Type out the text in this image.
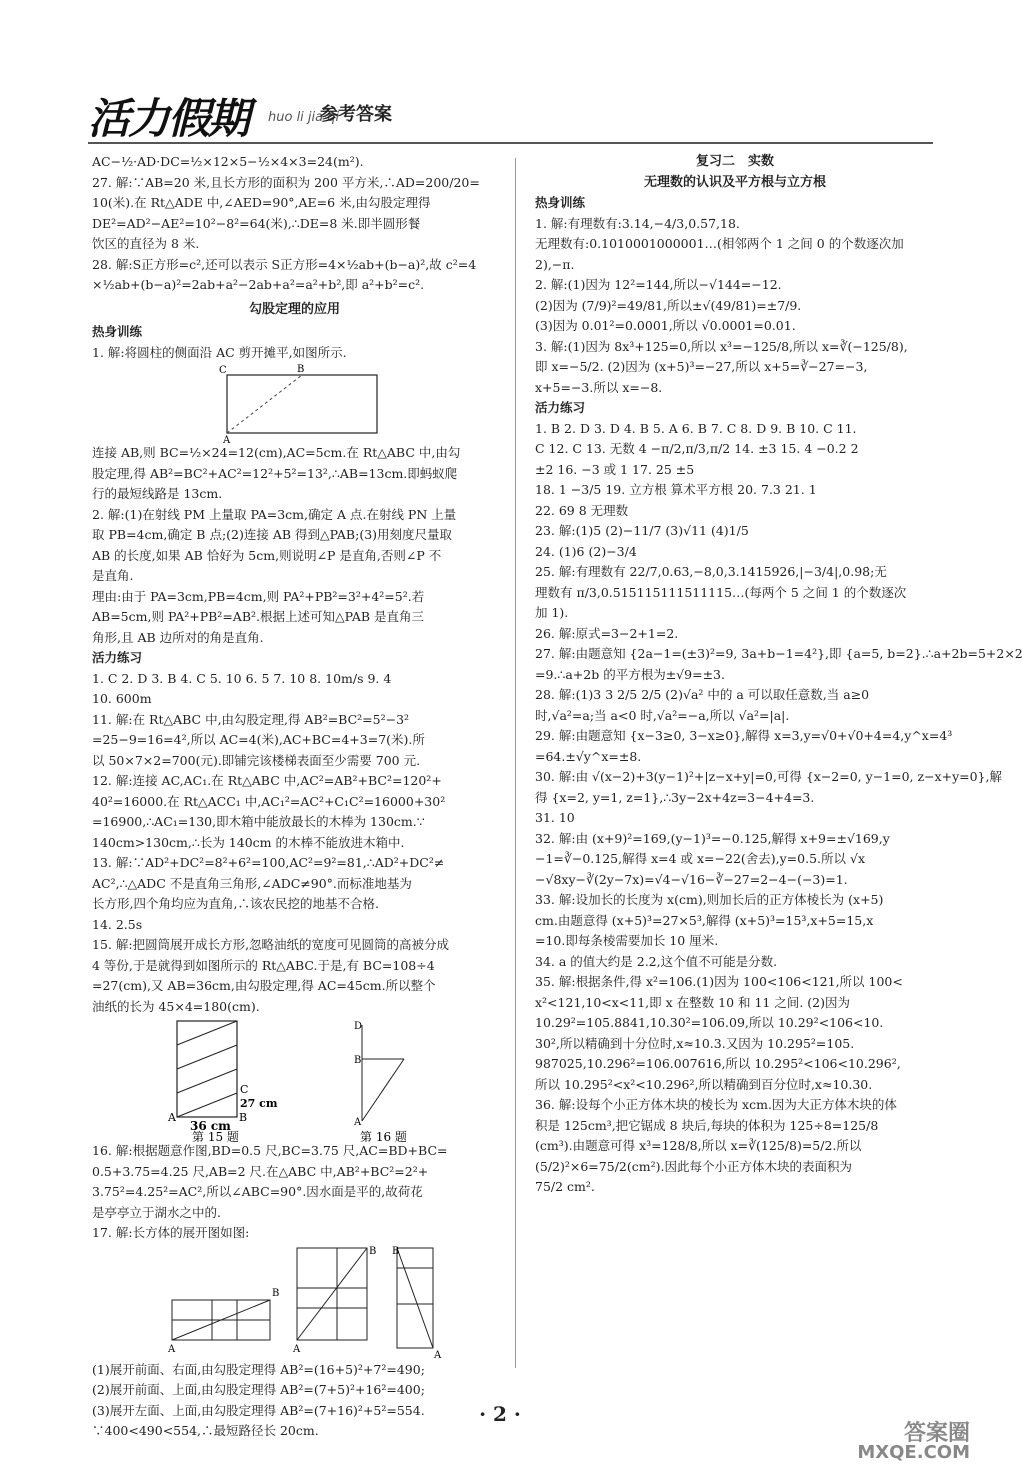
活力假期 huo li jia qi
参考答案
AC−½·AD·DC=½×12×5−½×4×3=24(m²).
27. 解:∵AB=20 米,且长方形的面积为 200 平方米,∴AD=200/20=
10(米).在 Rt△ADE 中,∠AED=90°,AE=6 米,由勾股定理得
DE²=AD²−AE²=10²−8²=64(米),∴DE=8 米.即半圆形餐
饮区的直径为 8 米.
28. 解:S正方形=c²,还可以表示 S正方形=4×½ab+(b−a)²,故 c²=4
×½ab+(b−a)²=2ab+a²−2ab+a²=a²+b²,即 a²+b²=c².
勾股定理的应用
热身训练
1. 解:将圆柱的侧面沿 AC 剪开摊平,如图所示.
C	B
A
连接 AB,则 BC=½×24=12(cm),AC=5cm.在 Rt△ABC 中,由勾
股定理,得 AB²=BC²+AC²=12²+5²=13²,∴AB=13cm.即蚂蚁爬
行的最短线路是 13cm.
2. 解:(1)在射线 PM 上量取 PA=3cm,确定 A 点.在射线 PN 上量
取 PB=4cm,确定 B 点;(2)连接 AB 得到△PAB;(3)用刻度尺量取
AB 的长度,如果 AB 恰好为 5cm,则说明∠P 是直角,否则∠P 不
是直角.
理由:由于 PA=3cm,PB=4cm,则 PA²+PB²=3²+4²=5².若
AB=5cm,则 PA²+PB²=AB².根据上述可知△PAB 是直角三
角形,且 AB 边所对的角是直角.
活力练习
1. C 2. D 3. B 4. C 5. 10 6. 5 7. 10 8. 10m/s 9. 4
10. 600m
11. 解:在 Rt△ABC 中,由勾股定理,得 AB²=BC²=5²−3²
=25−9=16=4²,所以 AC=4(米),AC+BC=4+3=7(米).所
以 50×7×2=700(元).即铺完该楼梯表面至少需要 700 元.
12. 解:连接 AC,AC₁.在 Rt△ABC 中,AC²=AB²+BC²=120²+
40²=16000.在 Rt△ACC₁ 中,AC₁²=AC²+C₁C²=16000+30²
=16900,∴AC₁=130,即木箱中能放最长的木棒为 130cm.∵
140cm>130cm,∴长为 140cm 的木棒不能放进木箱中.
13. 解:∵AD²+DC²=8²+6²=100,AC²=9²=81,∴AD²+DC²≠
AC²,∴△ADC 不是直角三角形,∠ADC≠90°.而标准地基为
长方形,四个角均应为直角,∴该农民挖的地基不合格.
14. 2.5s
15. 解:把圆筒展开成长方形,忽略油纸的宽度可见圆筒的高被分成
4 等份,于是就得到如图所示的 Rt△ABC.于是,有 BC=108÷4
=27(cm),又 AB=36cm,由勾股定理,得 AC=45cm.所以整个
油纸的长为 45×4=180(cm).
C
27 cm
A	B
36 cm
第 15 题
D
B
A
第 16 题
16. 解:根据题意作图,BD=0.5 尺,BC=3.75 尺,AC=BD+BC=
0.5+3.75=4.25 尺,AB=2 尺.在△ABC 中,AB²+BC²=2²+
3.75²=4.25²=AC²,所以∠ABC=90°.因水面是平的,故荷花
是亭亭立于湖水之中的.
17. 解:长方体的展开图如图:
B
A
B
A
B
A
(1)展开前面、右面,由勾股定理得 AB²=(16+5)²+7²=490;
(2)展开前面、上面,由勾股定理得 AB²=(7+5)²+16²=400;
(3)展开左面、上面,由勾股定理得 AB²=(7+16)²+5²=554.
∵400<490<554,∴最短路径长 20cm.
复习二　实数
无理数的认识及平方根与立方根
热身训练
1. 解:有理数有:3.14,−4/3,0.5̇7̇,18.
无理数有:0.1010001000001…(相邻两个 1 之间 0 的个数逐次加
2),−π.
2. 解:(1)因为 12²=144,所以−√144=−12.
(2)因为 (7/9)²=49/81,所以±√(49/81)=±7/9.
(3)因为 0.01²=0.0001,所以 √0.0001=0.01.
3. 解:(1)因为 8x³+125=0,所以 x³=−125/8,所以 x=∛(−125/8),
即 x=−5/2. (2)因为 (x+5)³=−27,所以 x+5=∛−27=−3,
x+5=−3.所以 x=−8.
活力练习
1. B 2. D 3. D 4. B 5. A 6. B 7. C 8. D 9. B 10. C 11.
C 12. C 13. 无数 4 −π/2,π/3,π/2 14. ±3 15. 4 −0.2 2
±2 16. −3 或 1 17. 25 ±5
18. 1 −3/5 19. 立方根 算术平方根 20. 7.3 21. 1
22. 69 8 无理数
23. 解:(1)5 (2)−11/7 (3)√11 (4)1/5
24. (1)6 (2)−3/4
25. 解:有理数有 22/7,0.63,−8,0,3.1415926,|−3/4|,0.9̇8̇;无
理数有 π/3,0.515115111511115…(每两个 5 之间 1 的个数逐次
加 1).
26. 解:原式=3−2+1=2.
27. 解:由题意知 {2a−1=(±3)²=9, 3a+b−1=4²},即 {a=5, b=2}.∴a+2b=5+2×2
=9.∴a+2b 的平方根为±√9=±3.
28. 解:(1)3 3 2/5 2/5 (2)√a² 中的 a 可以取任意数,当 a≥0
时,√a²=a;当 a<0 时,√a²=−a,所以 √a²=|a|.
29. 解:由题意知 {x−3≥0, 3−x≥0},解得 x=3,y=√0+√0+4=4,y^x=4³
=64.±√y^x=±8.
30. 解:由 √(x−2)+3(y−1)²+|z−x+y|=0,可得 {x−2=0, y−1=0, z−x+y=0},解
得 {x=2, y=1, z=1},∴3y−2x+4z=3−4+4=3.
31. 10
32. 解:由 (x+9)²=169,(y−1)³=−0.125,解得 x+9=±√169,y
−1=∛−0.125,解得 x=4 或 x=−22(舍去),y=0.5.所以 √x
−√8xy−∛(2y−7x)=√4−√16−∛−27=2−4−(−3)=1.
33. 解:设加长的长度为 x(cm),则加长后的正方体棱长为 (x+5)
cm.由题意得 (x+5)³=27×5³,解得 (x+5)³=15³,x+5=15,x
=10.即每条棱需要加长 10 厘米.
34. a 的值大约是 2.2,这个值不可能是分数.
35. 解:根据条件,得 x²=106.(1)因为 100<106<121,所以 100<
x²<121,10<x<11,即 x 在整数 10 和 11 之间. (2)因为
10.29²=105.8841,10.30²=106.09,所以 10.29²<106<10.
30²,所以精确到十分位时,x≈10.3.又因为 10.295²=105.
987025,10.296²=106.007616,所以 10.295²<106<10.296²,
所以 10.295²<x²<10.296²,所以精确到百分位时,x≈10.30.
36. 解:设每个小正方体木块的棱长为 xcm.因为大正方体木块的体
积是 125cm³,把它锯成 8 块后,每块的体积为 125÷8=125/8
(cm³).由题意可得 x³=128/8,所以 x=∛(125/8)=5/2.所以
(5/2)²×6=75/2(cm²).因此每个小正方体木块的表面积为
75/2 cm².
· 2 ·
答案圈
MXQE.COM
